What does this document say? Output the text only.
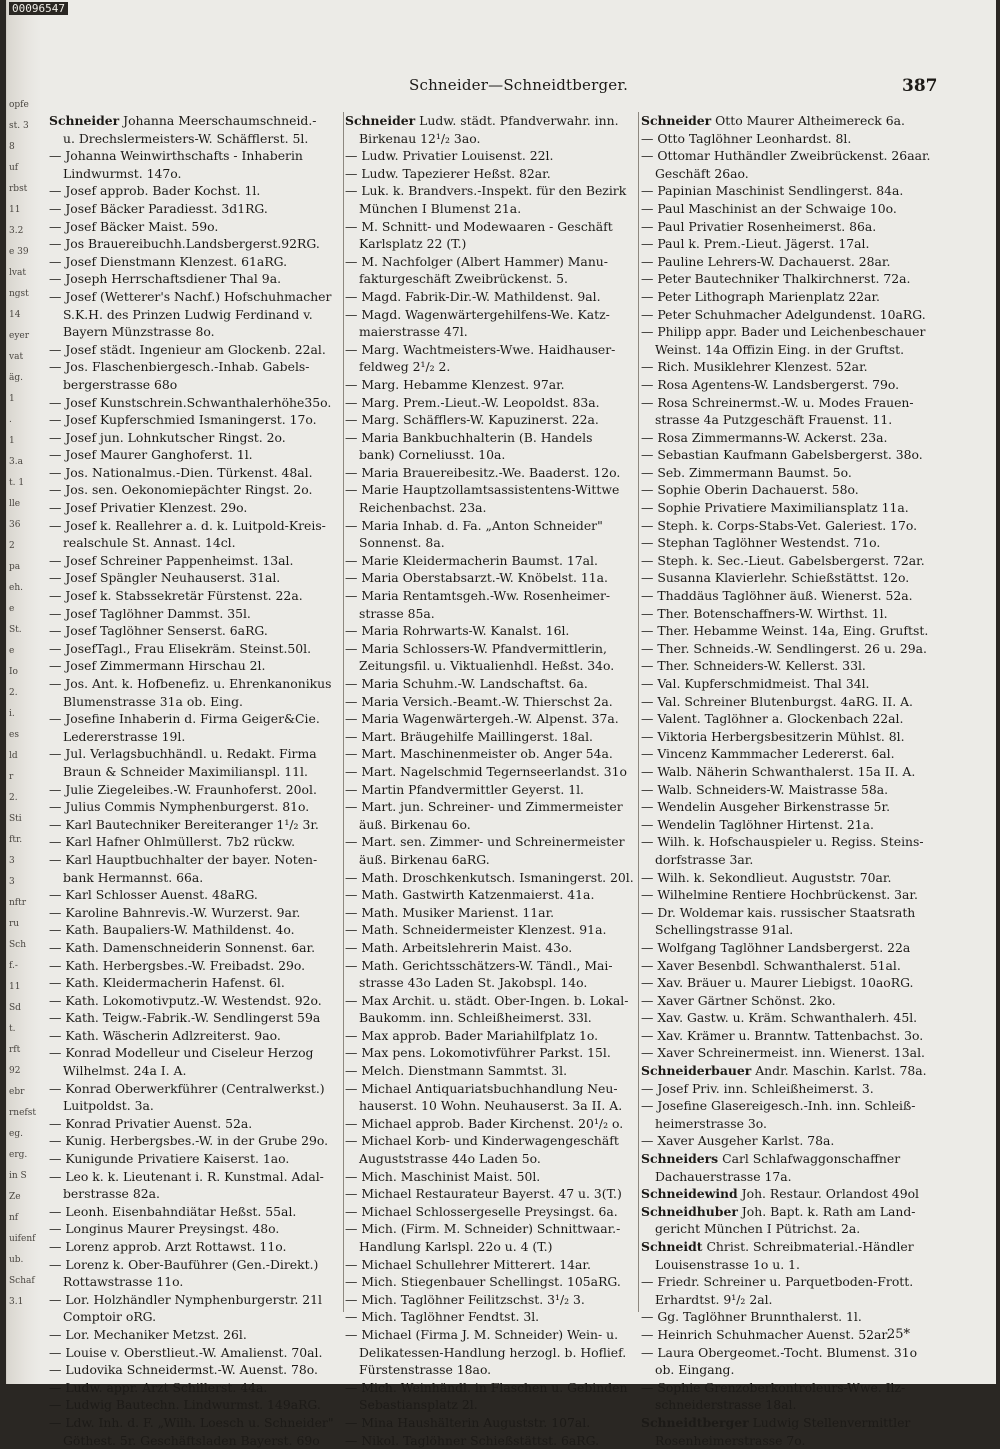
opfe
st. 3
8
uf
rbst
11
3.2
e 39
lvat
ngst
14
eyer
vat
äg.
1
.
1
3.a
t. 1
lle
36
2
pa
eh.
e
St.
e
Io
2.
i.
es
ld
r
2.
Sti
ftr.
3
3
nftr
ru
Sch
f.-
11
Sd
t.
rft
92
ebr
rnefst
eg.
erg.
in S
Ze
nf
uifenf
ub.
Schaf
3.1
00096547
Schneider—Schneidtberger.	387
Schneider Johanna Meerschaumschneid.-
u. Drechslermeisters-W. Schäfflerst. 5l.
— Johanna Weinwirthschafts - Inhaberin
Lindwurmst. 147o.
— Josef approb. Bader Kochst. 1l.
— Josef Bäcker Paradiesst. 3d1RG.
— Josef Bäcker Maist. 59o.
— Jos Brauereibuchh.Landsbergerst.92RG.
— Josef Dienstmann Klenzest. 61aRG.
— Joseph Herrschaftsdiener Thal 9a.
— Josef (Wetterer's Nachf.) Hofschuhmacher
S.K.H. des Prinzen Ludwig Ferdinand v.
Bayern Münzstrasse 8o.
— Josef städt. Ingenieur am Glockenb. 22al.
— Jos. Flaschenbiergesch.-Inhab. Gabels-
bergerstrasse 68o
— Josef Kunstschrein.Schwanthalerhöhe35o.
— Josef Kupferschmied Ismaningerst. 17o.
— Josef jun. Lohnkutscher Ringst. 2o.
— Josef Maurer Ganghoferst. 1l.
— Jos. Nationalmus.-Dien. Türkenst. 48al.
— Jos. sen. Oekonomiepächter Ringst. 2o.
— Josef Privatier Klenzest. 29o.
— Josef k. Reallehrer a. d. k. Luitpold-Kreis-
realschule St. Annast. 14cl.
— Josef Schreiner Pappenheimst. 13al.
— Josef Spängler Neuhauserst. 31al.
— Josef k. Stabssekretär Fürstenst. 22a.
— Josef Taglöhner Dammst. 35l.
— Josef Taglöhner Senserst. 6aRG.
— JosefTagl., Frau Elisekräm. Steinst.50l.
— Josef Zimmermann Hirschau 2l.
— Jos. Ant. k. Hofbenefiz. u. Ehrenkanonikus
Blumenstrasse 31a ob. Eing.
— Josefine Inhaberin d. Firma Geiger&Cie.
Ledererstrasse 19l.
— Jul. Verlagsbuchhändl. u. Redakt. Firma
Braun & Schneider Maximilianspl. 11l.
— Julie Ziegeleibes.-W. Fraunhoferst. 20ol.
— Julius Commis Nymphenburgerst. 81o.
— Karl Bautechniker Bereiteranger 1¹/₂ 3r.
— Karl Hafner Ohlmüllerst. 7b2 rückw.
— Karl Hauptbuchhalter der bayer. Noten-
bank Hermannst. 66a.
— Karl Schlosser Auenst. 48aRG.
— Karoline Bahnrevis.-W. Wurzerst. 9ar.
— Kath. Baupaliers-W. Mathildenst. 4o.
— Kath. Damenschneiderin Sonnenst. 6ar.
— Kath. Herbergsbes.-W. Freibadst. 29o.
— Kath. Kleidermacherin Hafenst. 6l.
— Kath. Lokomotivputz.-W. Westendst. 92o.
— Kath. Teigw.-Fabrik.-W. Sendlingerst 59a
— Kath. Wäscherin Adlzreiterst. 9ao.
— Konrad Modelleur und Ciseleur Herzog
Wilhelmst. 24a I. A.
— Konrad Oberwerkführer (Centralwerkst.)
Luitpoldst. 3a.
— Konrad Privatier Auenst. 52a.
— Kunig. Herbergsbes.-W. in der Grube 29o.
— Kunigunde Privatiere Kaiserst. 1ao.
— Leo k. k. Lieutenant i. R. Kunstmal. Adal-
berstrasse 82a.
— Leonh. Eisenbahndiätar Heßst. 55al.
— Longinus Maurer Preysingst. 48o.
— Lorenz approb. Arzt Rottawst. 11o.
— Lorenz k. Ober-Bauführer (Gen.-Direkt.)
Rottawstrasse 11o.
— Lor. Holzhändler Nymphenburgerstr. 21l
Comptoir oRG.
— Lor. Mechaniker Metzst. 26l.
— Louise v. Oberstlieut.-W. Amalienst. 70al.
— Ludovika Schneidermst.-W. Auenst. 78o.
— Ludw. appr. Arzt Schillerst. 44a.
— Ludwig Bautechn. Lindwurmst. 149aRG.
— Ldw. Inh. d. F. „Wilh. Loesch u. Schneider"
Göthest. 5r. Geschäftsladen Bayerst. 69o
Schneider Ludw. städt. Pfandverwahr. inn.
Birkenau 12¹/₂ 3ao.
— Ludw. Privatier Louisenst. 22l.
— Ludw. Tapezierer Heßst. 82ar.
— Luk. k. Brandvers.-Inspekt. für den Bezirk
München I Blumenst 21a.
— M. Schnitt- und Modewaaren - Geschäft
Karlsplatz 22 (T.)
— M. Nachfolger (Albert Hammer) Manu-
fakturgeschäft Zweibrückenst. 5.
— Magd. Fabrik-Dir.-W. Mathildenst. 9al.
— Magd. Wagenwärtergehilfens-We. Katz-
maierstrasse 47l.
— Marg. Wachtmeisters-Wwe. Haidhauser-
feldweg 2¹/₂ 2.
— Marg. Hebamme Klenzest. 97ar.
— Marg. Prem.-Lieut.-W. Leopoldst. 83a.
— Marg. Schäfflers-W. Kapuzinerst. 22a.
— Maria Bankbuchhalterin (B. Handels
bank) Corneliusst. 10a.
— Maria Brauereibesitz.-We. Baaderst. 12o.
— Marie Hauptzollamtsassistentens-Wittwe
Reichenbachst. 23a.
— Maria Inhab. d. Fa. „Anton Schneider"
Sonnenst. 8a.
— Marie Kleidermacherin Baumst. 17al.
— Maria Oberstabsarzt.-W. Knöbelst. 11a.
— Maria Rentamtsgeh.-Ww. Rosenheimer-
strasse 85a.
— Maria Rohrwarts-W. Kanalst. 16l.
— Maria Schlossers-W. Pfandvermittlerin,
Zeitungsfil. u. Viktualienhdl. Heßst. 34o.
— Maria Schuhm.-W. Landschaftst. 6a.
— Maria Versich.-Beamt.-W. Thierschst 2a.
— Maria Wagenwärtergeh.-W. Alpenst. 37a.
— Mart. Bräugehilfe Maillingerst. 18al.
— Mart. Maschinenmeister ob. Anger 54a.
— Mart. Nagelschmid Tegernseerlandst. 31o
— Martin Pfandvermittler Geyerst. 1l.
— Mart. jun. Schreiner- und Zimmermeister
äuß. Birkenau 6o.
— Mart. sen. Zimmer- und Schreinermeister
äuß. Birkenau 6aRG.
— Math. Droschkenkutsch. Ismaningerst. 20l.
— Math. Gastwirth Katzenmaierst. 41a.
— Math. Musiker Marienst. 11ar.
— Math. Schneidermeister Klenzest. 91a.
— Math. Arbeitslehrerin Maist. 43o.
— Math. Gerichtsschätzers-W. Tändl., Mai-
strasse 43o Laden St. Jakobspl. 14o.
— Max Archit. u. städt. Ober-Ingen. b. Lokal-
Baukomm. inn. Schleißheimerst. 33l.
— Max approb. Bader Mariahilfplatz 1o.
— Max pens. Lokomotivführer Parkst. 15l.
— Melch. Dienstmann Sammtst. 3l.
— Michael Antiquariatsbuchhandlung Neu-
hauserst. 10 Wohn. Neuhauserst. 3a II. A.
— Michael approb. Bader Kirchenst. 20¹/₂ o.
— Michael Korb- und Kinderwagengeschäft
Auguststrasse 44o Laden 5o.
— Mich. Maschinist Maist. 50l.
— Michael Restaurateur Bayerst. 47 u. 3(T.)
— Michael Schlossergeselle Preysingst. 6a.
— Mich. (Firm. M. Schneider) Schnittwaar.-
Handlung Karlspl. 22o u. 4 (T.)
— Michael Schullehrer Mitterert. 14ar.
— Mich. Stiegenbauer Schellingst. 105aRG.
— Mich. Taglöhner Feilitzschst. 3¹/₂ 3.
— Mich. Taglöhner Fendtst. 3l.
— Michael (Firma J. M. Schneider) Wein- u.
Delikatessen-Handlung herzogl. b. Hoflief.
Fürstenstrasse 18ao.
— Mich. Weinhändl. in Flaschen u. Gebinden
Sebastiansplatz 2l.
— Mina Haushälterin Auguststr. 107al.
— Nikol. Taglöhner Schießstättst. 6aRG.
Schneider Otto Maurer Altheimereck 6a.
— Otto Taglöhner Leonhardst. 8l.
— Ottomar Huthändler Zweibrückenst. 26aar.
Geschäft 26ao.
— Papinian Maschinist Sendlingerst. 84a.
— Paul Maschinist an der Schwaige 10o.
— Paul Privatier Rosenheimerst. 86a.
— Paul k. Prem.-Lieut. Jägerst. 17al.
— Pauline Lehrers-W. Dachauerst. 28ar.
— Peter Bautechniker Thalkirchnerst. 72a.
— Peter Lithograph Marienplatz 22ar.
— Peter Schuhmacher Adelgundenst. 10aRG.
— Philipp appr. Bader und Leichenbeschauer
Weinst. 14a Offizin Eing. in der Gruftst.
— Rich. Musiklehrer Klenzest. 52ar.
— Rosa Agentens-W. Landsbergerst. 79o.
— Rosa Schreinermst.-W. u. Modes Frauen-
strasse 4a Putzgeschäft Frauenst. 11.
— Rosa Zimmermanns-W. Ackerst. 23a.
— Sebastian Kaufmann Gabelsbergerst. 38o.
— Seb. Zimmermann Baumst. 5o.
— Sophie Oberin Dachauerst. 58o.
— Sophie Privatiere Maximiliansplatz 11a.
— Steph. k. Corps-Stabs-Vet. Galeriest. 17o.
— Stephan Taglöhner Westendst. 71o.
— Steph. k. Sec.-Lieut. Gabelsbergerst. 72ar.
— Susanna Klavierlehr. Schießstättst. 12o.
— Thaddäus Taglöhner äuß. Wienerst. 52a.
— Ther. Botenschaffners-W. Wirthst. 1l.
— Ther. Hebamme Weinst. 14a, Eing. Gruftst.
— Ther. Schneids.-W. Sendlingerst. 26 u. 29a.
— Ther. Schneiders-W. Kellerst. 33l.
— Val. Kupferschmidmeist. Thal 34l.
— Val. Schreiner Blutenburgst. 4aRG. II. A.
— Valent. Taglöhner a. Glockenbach 22al.
— Viktoria Herbergsbesitzerin Mühlst. 8l.
— Vincenz Kammmacher Ledererst. 6al.
— Walb. Näherin Schwanthalerst. 15a II. A.
— Walb. Schneiders-W. Maistrasse 58a.
— Wendelin Ausgeher Birkenstrasse 5r.
— Wendelin Taglöhner Hirtenst. 21a.
— Wilh. k. Hofschauspieler u. Regiss. Steins-
dorfstrasse 3ar.
— Wilh. k. Sekondlieut. Auguststr. 70ar.
— Wilhelmine Rentiere Hochbrückenst. 3ar.
— Dr. Woldemar kais. russischer Staatsrath
Schellingstrasse 91al.
— Wolfgang Taglöhner Landsbergerst. 22a
— Xaver Besenbdl. Schwanthalerst. 51al.
— Xav. Bräuer u. Maurer Liebigst. 10aoRG.
— Xaver Gärtner Schönst. 2ko.
— Xav. Gastw. u. Kräm. Schwanthalerh. 45l.
— Xav. Krämer u. Branntw. Tattenbachst. 3o.
— Xaver Schreinermeist. inn. Wienerst. 13al.
Schneiderbauer Andr. Maschin. Karlst. 78a.
— Josef Priv. inn. Schleißheimerst. 3.
— Josefine Glasereigesch.-Inh. inn. Schleiß-
heimerstrasse 3o.
— Xaver Ausgeher Karlst. 78a.
Schneiders Carl Schlafwaggonschaffner
Dachauerstrasse 17a.
Schneidewind Joh. Restaur. Orlandost 49ol
Schneidhuber Joh. Bapt. k. Rath am Land-
gericht München I Pütrichst. 2a.
Schneidt Christ. Schreibmaterial.-Händler
Louisenstrasse 1o u. 1.
— Friedr. Schreiner u. Parquetboden-Frott.
Erhardtst. 9¹/₂ 2al.
— Gg. Taglöhner Brunnthalerst. 1l.
— Heinrich Schuhmacher Auenst. 52ar.
— Laura Obergeomet.-Tocht. Blumenst. 31o
ob. Eingang.
— Sophie Grenzoberkontroleurs-Wwe. Ilz-
schneiderstrasse 18al.
Schneidtberger Ludwig Stellenvermittler
Rosenheimerstrasse 7o.
25*
